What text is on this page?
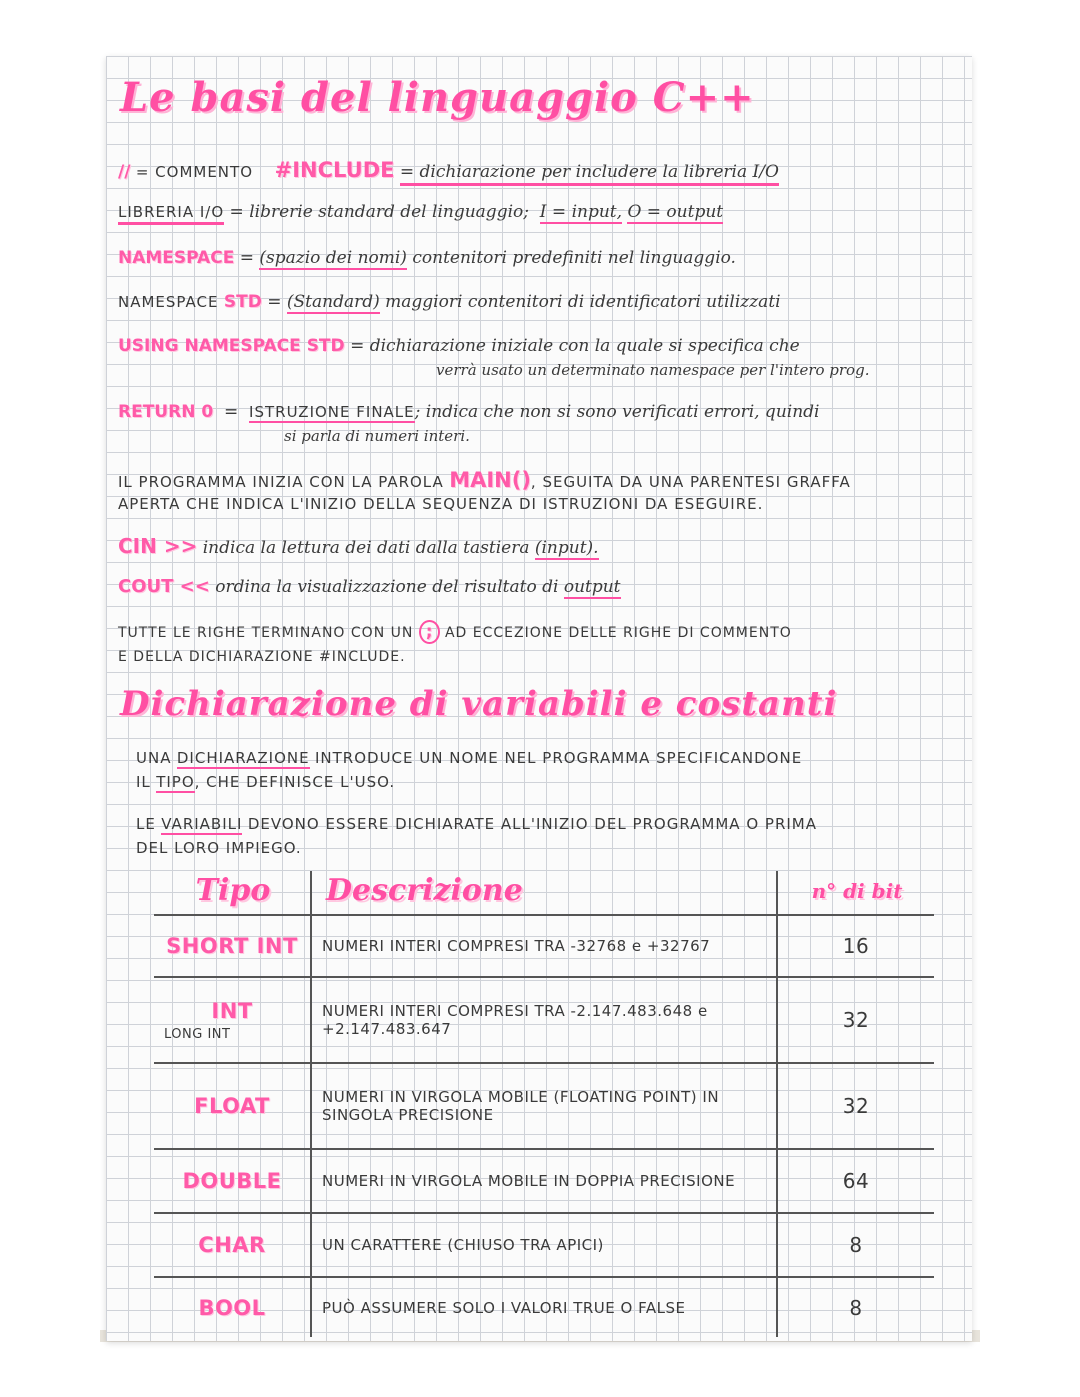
Le basi del linguaggio C++
// = COMMENTO #INCLUDE = dichiarazione per includere la libreria I/O
LIBRERIA I/O = librerie standard del linguaggio; I = input, O = output
NAMESPACE = (spazio dei nomi) contenitori predefiniti nel linguaggio.
NAMESPACE STD = (Standard) maggiori contenitori di identificatori utilizzati
USING NAMESPACE STD = dichiarazione iniziale con la quale si specifica che
verrà usato un determinato namespace per l'intero prog.
RETURN 0 = ISTRUZIONE FINALE; indica che non si sono verificati errori, quindi
si parla di numeri interi.
IL PROGRAMMA INIZIA CON LA PAROLA MAIN(), SEGUITA DA UNA PARENTESI GRAFFA
APERTA CHE INDICA L'INIZIO DELLA SEQUENZA DI ISTRUZIONI DA ESEGUIRE.
CIN >> indica la lettura dei dati dalla tastiera (input).
COUT << ordina la visualizzazione del risultato di output
TUTTE LE RIGHE TERMINANO CON UN ; AD ECCEZIONE DELLE RIGHE DI COMMENTO
E DELLA DICHIARAZIONE #INCLUDE.
Dichiarazione di variabili e costanti
UNA DICHIARAZIONE INTRODUCE UN NOME NEL PROGRAMMA SPECIFICANDONE
IL TIPO, CHE DEFINISCE L'USO.
LE VARIABILI DEVONO ESSERE DICHIARATE ALL'INIZIO DEL PROGRAMMA O PRIMA
DEL LORO IMPIEGO.
Tipo	Descrizione	n° di bit

SHORT INT	NUMERI INTERI COMPRESI TRA -32768 e +32767	16

INT
LONG INT	NUMERI INTERI COMPRESI TRA -2.147.483.648 e +2.147.483.647	32

FLOAT	NUMERI IN VIRGOLA MOBILE (FLOATING POINT) IN SINGOLA PRECISIONE	32

DOUBLE	NUMERI IN VIRGOLA MOBILE IN DOPPIA PRECISIONE	64

CHAR	UN CARATTERE (CHIUSO TRA APICI)	8

BOOL	PUÒ ASSUMERE SOLO I VALORI TRUE O FALSE	8
